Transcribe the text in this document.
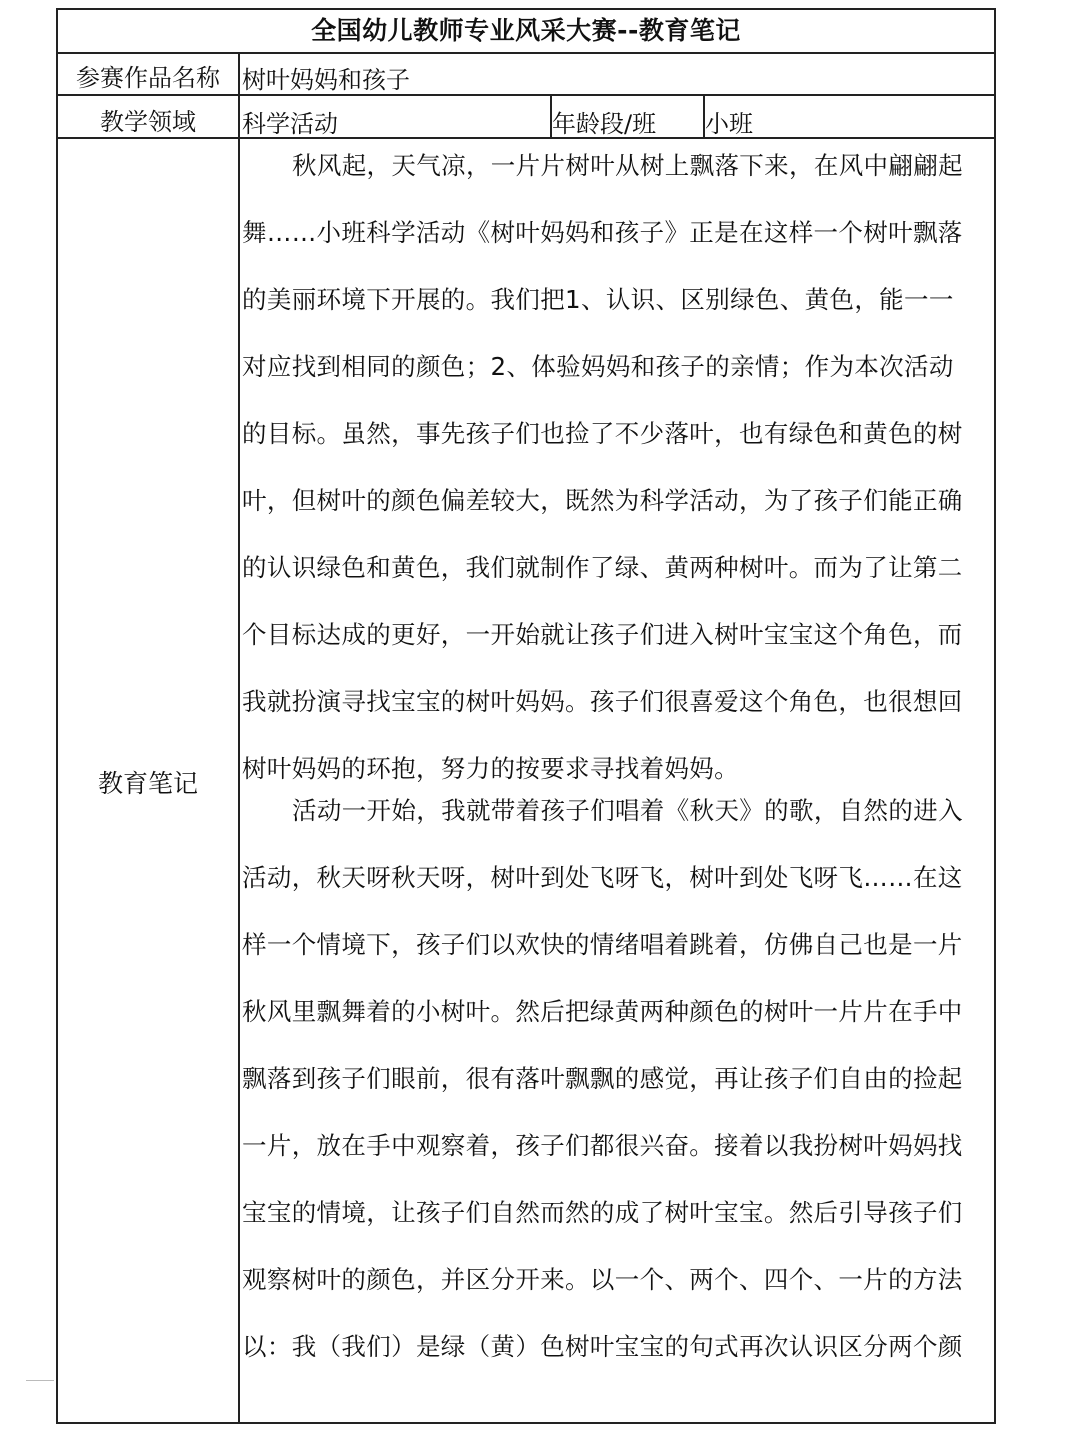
全国幼儿教师专业风采大赛--教育笔记
参赛作品名称 树叶妈妈和孩子
教学领域	科学活动	年龄段/班	小班
教育笔记
秋风起，天气凉，一片片树叶从树上飘落下来，在风中翩翩起
舞……小班科学活动《树叶妈妈和孩子》正是在这样一个树叶飘落
的美丽环境下开展的。我们把1、认识、区别绿色、黄色，能一一
对应找到相同的颜色；2、体验妈妈和孩子的亲情；作为本次活动
的目标。虽然，事先孩子们也捡了不少落叶，也有绿色和黄色的树
叶，但树叶的颜色偏差较大，既然为科学活动，为了孩子们能正确
的认识绿色和黄色，我们就制作了绿、黄两种树叶。而为了让第二
个目标达成的更好，一开始就让孩子们进入树叶宝宝这个角色，而
我就扮演寻找宝宝的树叶妈妈。孩子们很喜爱这个角色，也很想回
树叶妈妈的环抱，努力的按要求寻找着妈妈。
活动一开始，我就带着孩子们唱着《秋天》的歌，自然的进入
活动，秋天呀秋天呀，树叶到处飞呀飞，树叶到处飞呀飞……在这
样一个情境下，孩子们以欢快的情绪唱着跳着，仿佛自己也是一片
秋风里飘舞着的小树叶。然后把绿黄两种颜色的树叶一片片在手中
飘落到孩子们眼前，很有落叶飘飘的感觉，再让孩子们自由的捡起
一片，放在手中观察着，孩子们都很兴奋。接着以我扮树叶妈妈找
宝宝的情境，让孩子们自然而然的成了树叶宝宝。然后引导孩子们
观察树叶的颜色，并区分开来。以一个、两个、四个、一片的方法
以：我（我们）是绿（黄）色树叶宝宝的句式再次认识区分两个颜
